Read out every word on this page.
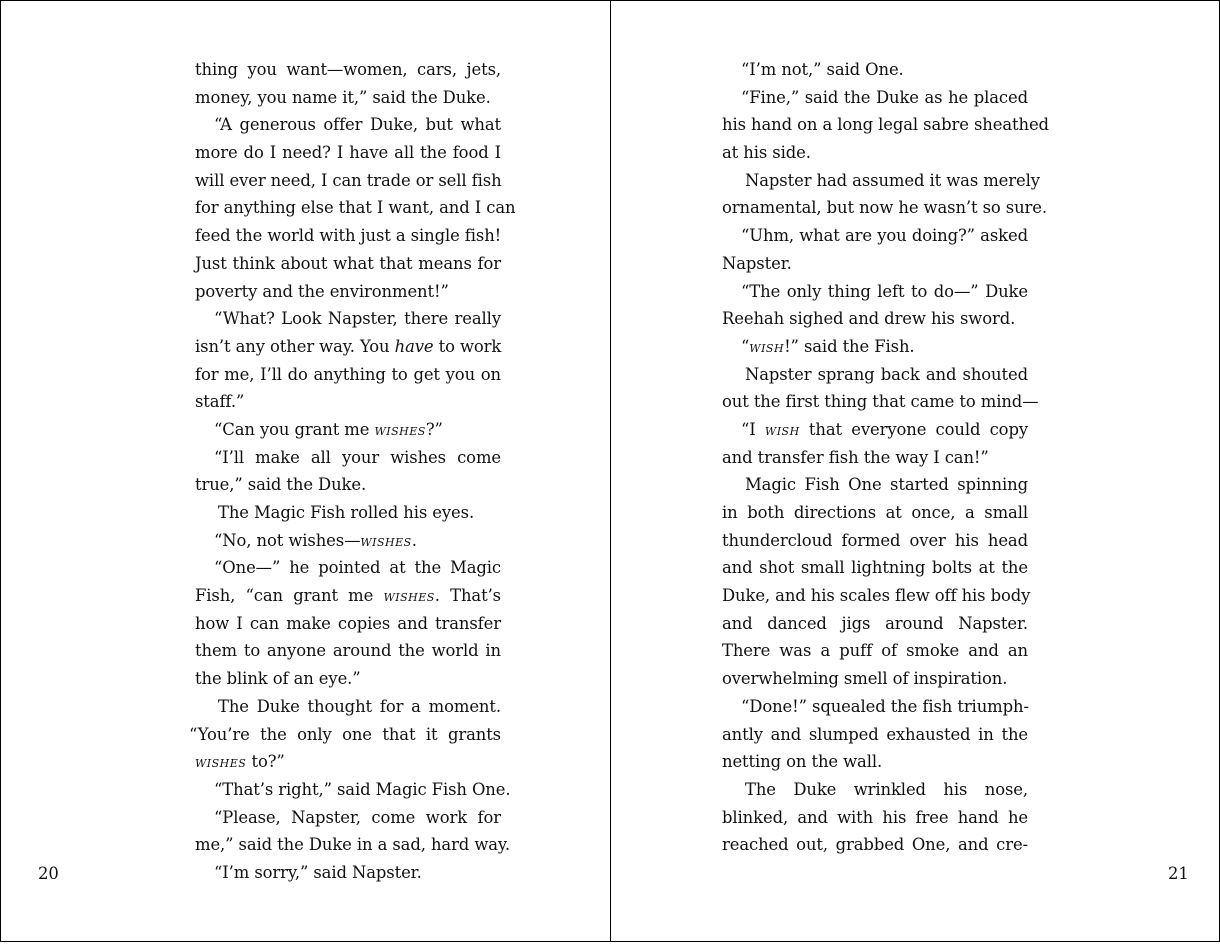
thing you want—women, cars, jets,
money, you name it,” said the Duke.
“A generous offer Duke, but what
more do I need? I have all the food I
will ever need, I can trade or sell fish
for anything else that I want, and I can
feed the world with just a single fish!
Just think about what that means for
poverty and the environment!”
“What? Look Napster, there really
isn’t any other way. You have to work
for me, I’ll do anything to get you on
staff.”
“Can you grant me wishes?”
“I’ll make all your wishes come
true,” said the Duke.
The Magic Fish rolled his eyes.
“No, not wishes—wishes.
“One—” he pointed at the Magic
Fish, “can grant me wishes. That’s
how I can make copies and transfer
them to anyone around the world in
the blink of an eye.”
The Duke thought for a moment.
“You’re the only one that it grants
wishes to?”
“That’s right,” said Magic Fish One.
“Please, Napster, come work for
me,” said the Duke in a sad, hard way.
“I’m sorry,” said Napster.
20
“I’m not,” said One.
“Fine,” said the Duke as he placed
his hand on a long legal sabre sheathed
at his side.
Napster had assumed it was merely
ornamental, but now he wasn’t so sure.
“Uhm, what are you doing?” asked
Napster.
“The only thing left to do—” Duke
Reehah sighed and drew his sword.
“wish!” said the Fish.
Napster sprang back and shouted
out the first thing that came to mind—
“I wish that everyone could copy
and transfer fish the way I can!”
Magic Fish One started spinning
in both directions at once, a small
thundercloud formed over his head
and shot small lightning bolts at the
Duke, and his scales flew off his body
and danced jigs around Napster.
There was a puff of smoke and an
overwhelming smell of inspiration.
“Done!” squealed the fish triumph-
antly and slumped exhausted in the
netting on the wall.
The Duke wrinkled his nose,
blinked, and with his free hand he
reached out, grabbed One, and cre-
21
